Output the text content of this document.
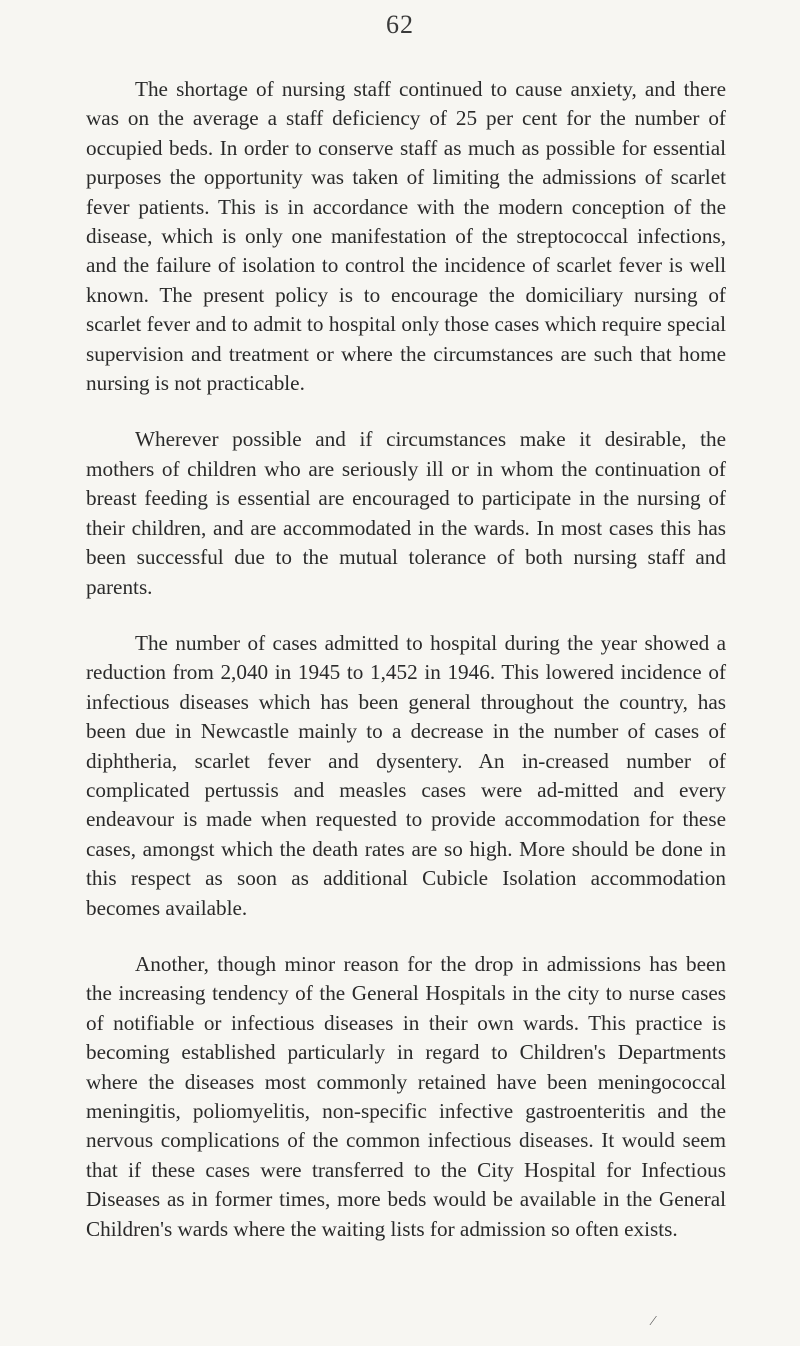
62

The shortage of nursing staff continued to cause anxiety, and there was on the average a staff deficiency of 25 per cent for the number of occupied beds. In order to conserve staff as much as possible for essential purposes the opportunity was taken of limiting the admissions of scarlet fever patients. This is in accordance with the modern conception of the disease, which is only one manifestation of the streptococcal infections, and the failure of isolation to control the incidence of scarlet fever is well known. The present policy is to encourage the domiciliary nursing of scarlet fever and to admit to hospital only those cases which require special supervision and treatment or where the circumstances are such that home nursing is not practicable.

Wherever possible and if circumstances make it desirable, the mothers of children who are seriously ill or in whom the continuation of breast feeding is essential are encouraged to participate in the nursing of their children, and are accommodated in the wards. In most cases this has been successful due to the mutual tolerance of both nursing staff and parents.

The number of cases admitted to hospital during the year showed a reduction from 2,040 in 1945 to 1,452 in 1946. This lowered incidence of infectious diseases which has been general throughout the country, has been due in Newcastle mainly to a decrease in the number of cases of diphtheria, scarlet fever and dysentery. An in-creased number of complicated pertussis and measles cases were ad-mitted and every endeavour is made when requested to provide accommodation for these cases, amongst which the death rates are so high. More should be done in this respect as soon as additional Cubicle Isolation accommodation becomes available.

Another, though minor reason for the drop in admissions has been the increasing tendency of the General Hospitals in the city to nurse cases of notifiable or infectious diseases in their own wards. This practice is becoming established particularly in regard to Children's Departments where the diseases most commonly retained have been meningococcal meningitis, poliomyelitis, non-specific infective gastroenteritis and the nervous complications of the common infectious diseases. It would seem that if these cases were transferred to the City Hospital for Infectious Diseases as in former times, more beds would be available in the General Children's wards where the waiting lists for admission so often exists.

⁄
